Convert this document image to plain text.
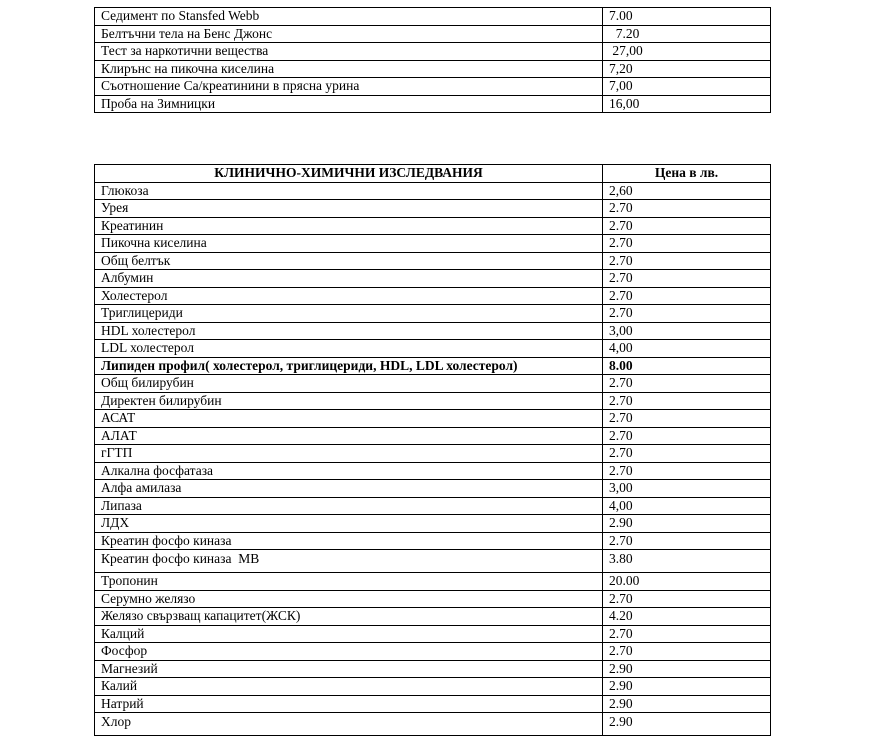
Седимент по Stansfed Webb	7.00
Белтъчни тела на Бенс Джонс	7.20
Тест за наркотични вещества	27,00
Клирънс на пикочна киселина	7,20
Съотношение Са/креатинини в прясна урина	7,00
Проба на Зимницки	16,00
КЛИНИЧНО-ХИМИЧНИ ИЗСЛЕДВАНИЯ	Цена в лв.
Глюкоза	2,60
Урея	2.70
Креатинин	2.70
Пикочна киселина	2.70
Общ белтък	2.70
Албумин	2.70
Холестерол	2.70
Триглицериди	2.70
HDL холестерол	3,00
LDL холестерол	4,00
Липиден профил( холестерол, триглицериди, HDL, LDL холестерол)	8.00
Общ билирубин	2.70
Директен билирубин	2.70
АСАТ	2.70
АЛАТ	2.70
гГТП	2.70
Алкална фосфатаза	2.70
Алфа амилаза	3,00
Липаза	4,00
ЛДХ	2.90
Креатин фосфо киназа	2.70
Креатин фосфо киназа  МВ	3.80
Тропонин	20.00
Серумно желязо	2.70
Желязо свързващ капацитет(ЖСК)	4.20
Калций	2.70
Фосфор	2.70
Магнезий	2.90
Калий	2.90
Натрий	2.90
Хлор	2.90
